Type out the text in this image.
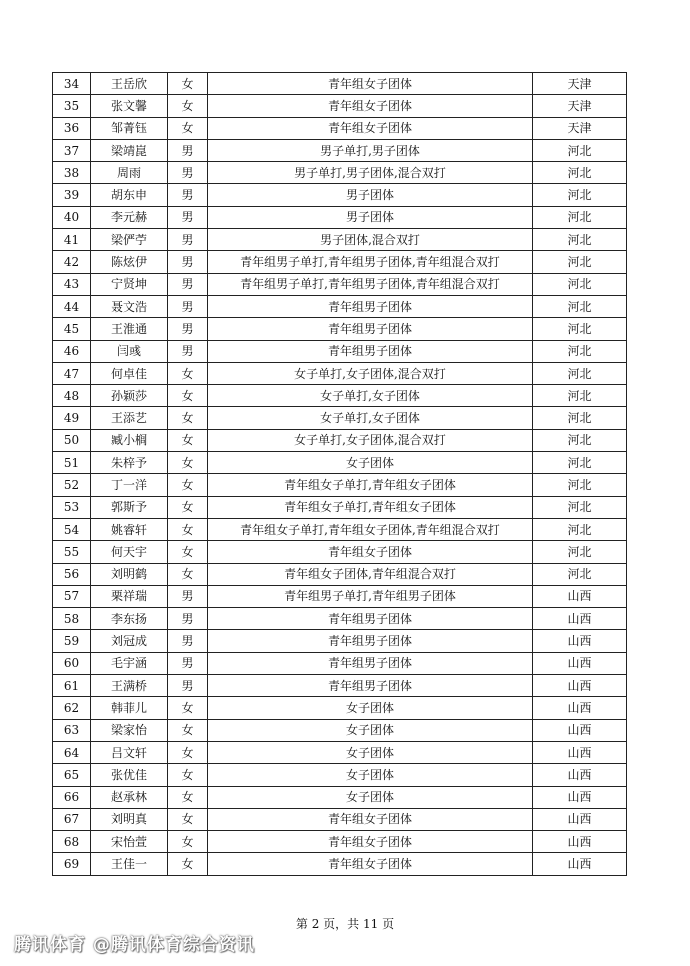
34	王岳欣	女	青年组女子团体	天津
35	张文馨	女	青年组女子团体	天津
36	邹菁钰	女	青年组女子团体	天津
37	梁靖崑	男	男子单打,男子团体	河北
38	周雨	男	男子单打,男子团体,混合双打	河北
39	胡东申	男	男子团体	河北
40	李元赫	男	男子团体	河北
41	梁俨苧	男	男子团体,混合双打	河北
42	陈炫伊	男	青年组男子单打,青年组男子团体,青年组混合双打	河北
43	宁贤坤	男	青年组男子单打,青年组男子团体,青年组混合双打	河北
44	聂文浩	男	青年组男子团体	河北
45	王淮通	男	青年组男子团体	河北
46	闫彧	男	青年组男子团体	河北
47	何卓佳	女	女子单打,女子团体,混合双打	河北
48	孙颖莎	女	女子单打,女子团体	河北
49	王添艺	女	女子单打,女子团体	河北
50	臧小榈	女	女子单打,女子团体,混合双打	河北
51	朱梓予	女	女子团体	河北
52	丁一洋	女	青年组女子单打,青年组女子团体	河北
53	郭斯予	女	青年组女子单打,青年组女子团体	河北
54	姚睿轩	女	青年组女子单打,青年组女子团体,青年组混合双打	河北
55	何天宇	女	青年组女子团体	河北
56	刘明鹤	女	青年组女子团体,青年组混合双打	河北
57	栗祥瑞	男	青年组男子单打,青年组男子团体	山西
58	李东扬	男	青年组男子团体	山西
59	刘冠成	男	青年组男子团体	山西
60	毛宇涵	男	青年组男子团体	山西
61	王满桥	男	青年组男子团体	山西
62	韩菲儿	女	女子团体	山西
63	梁家怡	女	女子团体	山西
64	吕文轩	女	女子团体	山西
65	张优佳	女	女子团体	山西
66	赵承林	女	女子团体	山西
67	刘明真	女	青年组女子团体	山西
68	宋怡萱	女	青年组女子团体	山西
69	王佳一	女	青年组女子团体	山西
第 2 页，共 11 页
腾讯体育 @腾讯体育综合资讯
